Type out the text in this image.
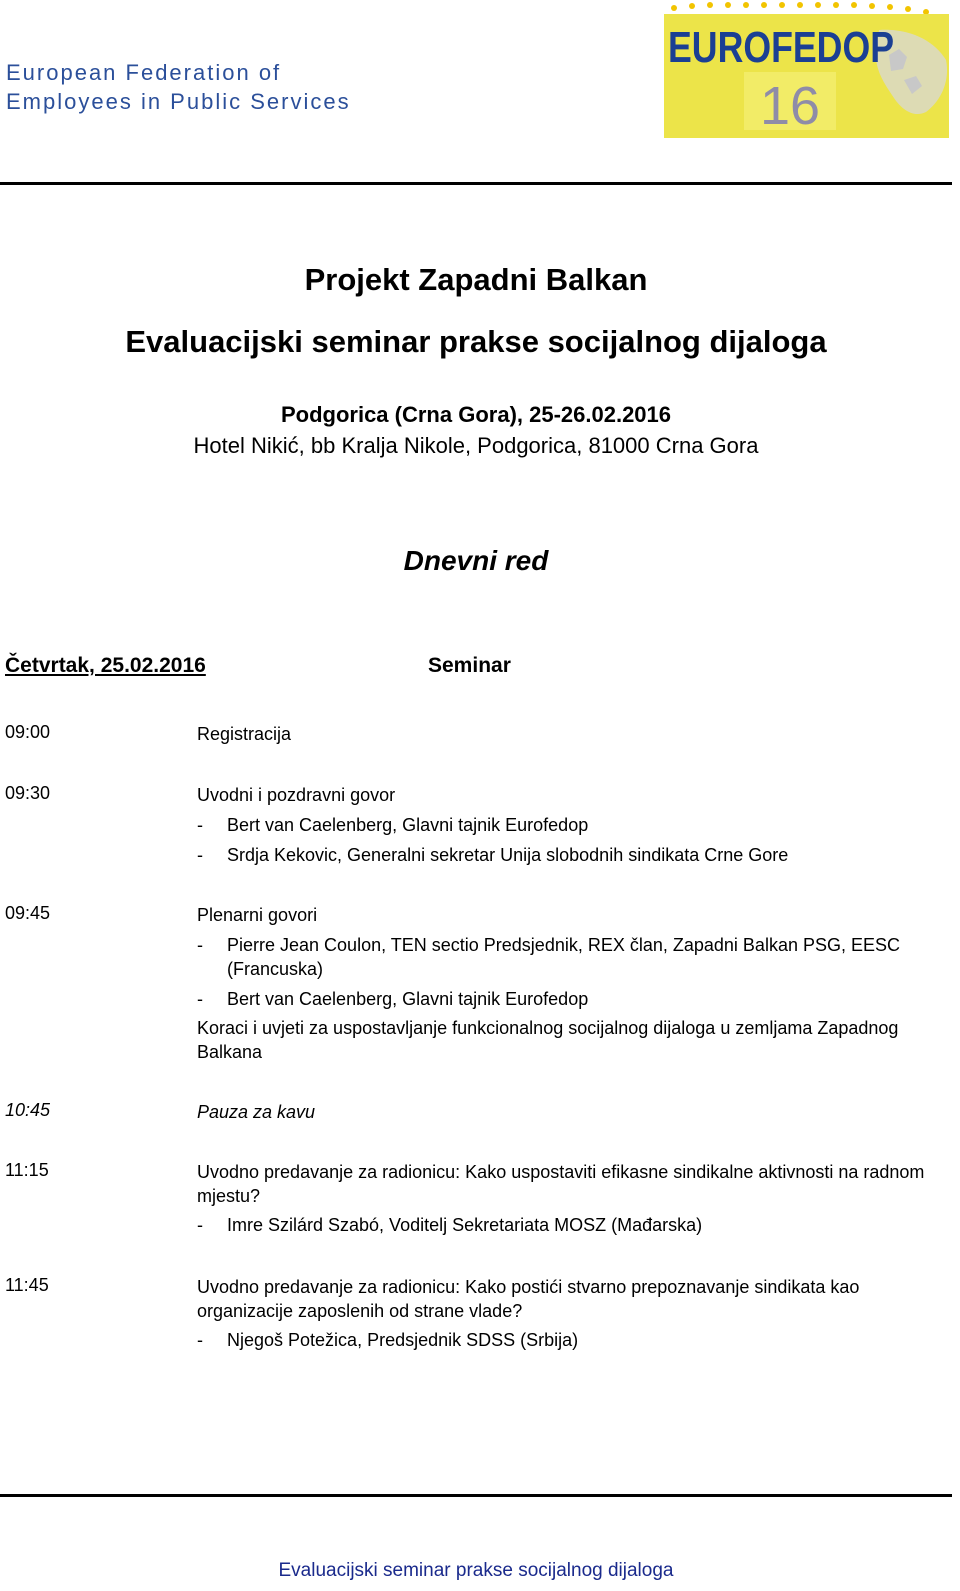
European Federation of
Employees in Public Services
EUROFEDOP
16
Projekt Zapadni Balkan
Evaluacijski seminar prakse socijalnog dijaloga
Podgorica (Crna Gora), 25-26.02.2016
Hotel Nikić, bb Kralja Nikole, Podgorica, 81000 Crna Gora
Dnevni red
Četvrtak, 25.02.2016	Seminar
09:00	Registracija
09:30	Uvodni i pozdravni govor
- Bert van Caelenberg, Glavni tajnik Eurofedop
- Srdja Kekovic, Generalni sekretar Unija slobodnih sindikata Crne Gore
09:45	Plenarni govori
- Pierre Jean Coulon, TEN sectio Predsjednik, REX član, Zapadni Balkan PSG, EESC (Francuska)
- Bert van Caelenberg, Glavni tajnik Eurofedop
Koraci i uvjeti za uspostavljanje funkcionalnog socijalnog dijaloga u zemljama Zapadnog Balkana
10:45	Pauza za kavu
11:15	Uvodno predavanje za radionicu: Kako uspostaviti efikasne sindikalne aktivnosti na radnom mjestu?
- Imre Szilárd Szabó, Voditelj Sekretariata MOSZ (Mađarska)
11:45	Uvodno predavanje za radionicu: Kako postići stvarno prepoznavanje sindikata kao organizacije zaposlenih od strane vlade?
- Njegoš Potežica, Predsjednik SDSS (Srbija)
Evaluacijski seminar prakse socijalnog dijaloga
